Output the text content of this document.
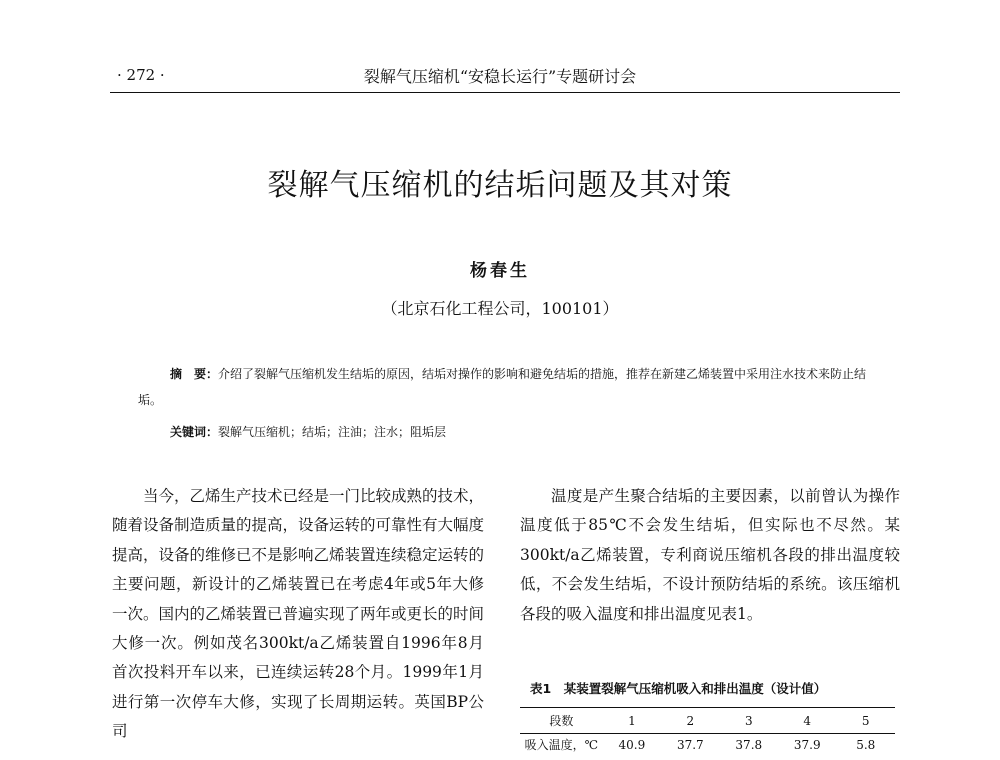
· 272 ·	裂解气压缩机“安稳长运行”专题研讨会
裂解气压缩机的结垢问题及其对策
杨春生
（北京石化工程公司，100101）
摘　要：介绍了裂解气压缩机发生结垢的原因，结垢对操作的影响和避免结垢的措施，推荐在新建乙烯装置中采用注水技术来防止结垢。
关键词：裂解气压缩机；结垢；注油；注水；阻垢层
当今，乙烯生产技术已经是一门比较成熟的技术，随着设备制造质量的提高，设备运转的可靠性有大幅度提高，设备的维修已不是影响乙烯装置连续稳定运转的主要问题，新设计的乙烯装置已在考虑4年或5年大修一次。国内的乙烯装置已普遍实现了两年或更长的时间大修一次。例如茂名300kt/a乙烯装置自1996年8月首次投料开车以来，已连续运转28个月。1999年1月进行第一次停车大修，实现了长周期运转。英国BP公司
温度是产生聚合结垢的主要因素，以前曾认为操作温度低于85℃不会发生结垢，但实际也不尽然。某300kt/a乙烯装置，专利商说压缩机各段的排出温度较低，不会发生结垢，不设计预防结垢的系统。该压缩机各段的吸入温度和排出温度见表1。
表1　某装置裂解气压缩机吸入和排出温度（设计值）
段数	1	2	3	4	5
吸入温度，℃	40.9	37.7	37.8	37.9	5.8
